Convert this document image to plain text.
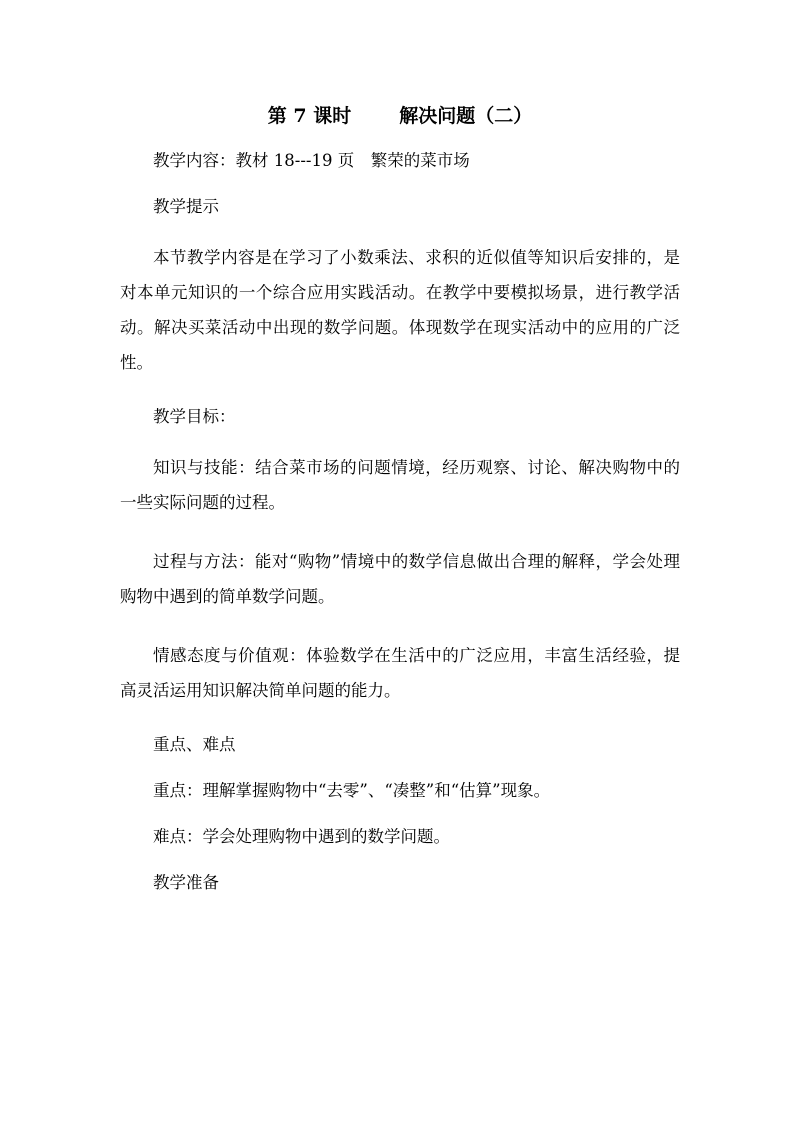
第 7 课时	解决问题（二）

教学内容：教材 18---19 页　繁荣的菜市场

教学提示

本节教学内容是在学习了小数乘法、求积的近似值等知识后安排的，是对本单元知识的一个综合应用实践活动。在教学中要模拟场景，进行教学活动。解决买菜活动中出现的数学问题。体现数学在现实活动中的应用的广泛性。

教学目标：

知识与技能：结合菜市场的问题情境，经历观察、讨论、解决购物中的一些实际问题的过程。

过程与方法：能对“购物”情境中的数学信息做出合理的解释，学会处理购物中遇到的简单数学问题。

情感态度与价值观：体验数学在生活中的广泛应用，丰富生活经验，提高灵活运用知识解决简单问题的能力。

重点、难点

重点：理解掌握购物中“去零”、“凑整”和“估算”现象。

难点：学会处理购物中遇到的数学问题。

教学准备
